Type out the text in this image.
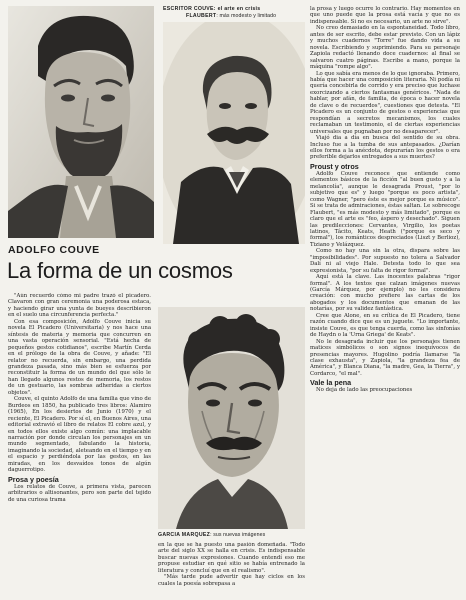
ESCRITOR COUVE: el arte en crisis
FLAUBERT: más modesto y limitado
ADOLFO COUVE
La forma de un cosmos

"Aún recuerdo cómo mi padre trazó el picadero. Clavaron con gran ceremonia una poderosa estaca, y haciendo girar una yunta de bueyes describieron en el suelo una circunferencia perfecta."

Con esa composición, Adolfo Couve inicia su novela El Picadero (Universitaria) y nos hace una síntesis de materia y memoria que concurren en una vasta operación sensorial. "Está hecha de pequeños gestos cotidianos", escribe Martín Cerda en el prólogo de la obra de Couve, y añade: "El relator no recuerda, sin embargo, una perdida grandeza pasada, sino más bien se esfuerza por reconstituir la forma de un mundo del que sólo le han llegado algunos restos de memoria, los restos de un gestuario, las sombras adheridas a ciertos objetos".

Couve, el quinto Adolfo de una familia que vino de Burdeos en 1850, ha publicado tres libros: Alamiro (1965), En los desiertos de Junio (1970) y el reciente, El Picadero. Por sí el, en Buenos Aires, una editorial extravió el libro de relatos El cobre azul, y en todos ellos existe algo común: una implacable narración por donde circulan los personajes en un mundo segmentado, fabulando la historia, imaginando la sociedad, aleteando en el tiempo y en el espacio y perdiéndola por las gestos, en las miradas, en los desvaídos tonos de algún daguerrotipo.

Prosa y poesía

Los relatos de Couve, a primera vista, parecen arbitrarios o altisonantes, pero son parte del tejido de una curiosa trama

GARCIA MARQUEZ: sus nuevas imágenes

en la que se ha puesto una pasión domeñada. "Todo arte del siglo XX se halla en crisis. Es indispensable buscar nuevas expresiones. Cuando entendí eso me propuse estudiar en qué sitio se había entrenado la literatura y concluí que en el realismo".

"Más tarde pude advertir que hay ciclos en los cuales la poesía sobrepasa a

la prosa y luego ocurre lo contrario. Hay momentos en que uno puede que la prosa está vacía y que no es indispensable. Si no es necesario, un arte no sirve".

No creo demasiado en la espontaneidad. Todo libro, antes de ser escrito, debe estar previsto. Con un lápiz y muchos cuadernos "Torre" fue dando vida a su novela. Escribiendo y suprimiendo. Para su personaje Zapiola redactó llenando doce cuadernos: al final se salvaron cuatro páginas. Escribe a mano, porque la máquina "rompe algo".

Lo que sabía era menos de lo que ignoraba. Primero, había que hacer una composición literaria. Ni podía ni quería concebirla de corrido y era preciso que luchase exorcizando a ciertos fantasmas genéricos. "Nada de hablar, por afán, de familia, de época o hacer novela de clave o de recuerdos", cuestiones que detesta. "El Picadero es un conjunto de gestos o experiencias que respondían a secretos mecanismos, los cuales reclamaban un testimonio, el de ciertas experiencias universales que pugnaban por no desaparecer".

Viajó dia a día en busca del sentido de su obra. Incluso fue a la tumba de sus antepasados. ¿Darían ellos forma a la anécdota, depurarían los gestos o era preferible dejarlos entregados a sus muertes?

Proust y otros

Adolfo Couve reconoce que entiende como elementos básicos de la ficción "al buen gusto y a la melancolía", aunque le desagrada Proust, "por lo subjetivo que es" y luego "porque es poco artista", como Wagner, "pero éste es mejor porque es músico". Si se trata de admiraciones, éstas saltan. Le sobrecoge Flaubert, "es más modesto y más limitado", porque es claro que el arte es "feo, áspero y desechado". Siguen las predilecciones: Cervantes, Virgilio, los poetas latinos, Tácito, Keats, Heath ("porque es seco y formal"), los románticos despreciados (Liszt y Berlioz), Tiziano y Velázquez.

Como no hay una sin la otra, dispara sobre las "imposibilidades". Por supuesto no tolera a Salvador Dalí ni al viejo Hale. Detesta todo lo que sea expresionista, "por su falta de rigor formal".

Aquí está la clave. Las inocentes palabras "rigor formal". A los textos que calzan imágenes nuevas (García Márquez, por ejemplo) no les considera creación: con mucho prefiere las cartas de los abogados y los documentos que emanan de las notarías, por su validez fantástica.

Cree que Alone, en su crítica de El Picadero, tiene razón cuando dice que es un juguete. "Lo importante, insiste Couve, es que tenga cuerda, como las sinfonías de Haydn o la 'Urna Griega' de Keats".

No le desagrada incluir que los personajes tienen matices simbólicos o son signos inequívocos de presencias mayores. Hugolino podría llamarse "la clase exhausta", y Zapiola, "la grandeza fea de América", y Blanca Diana, "la madre, Gea, la Tierra", y Cordarco, "el mal".

Vale la pena

No deja de lado las preocupaciones
